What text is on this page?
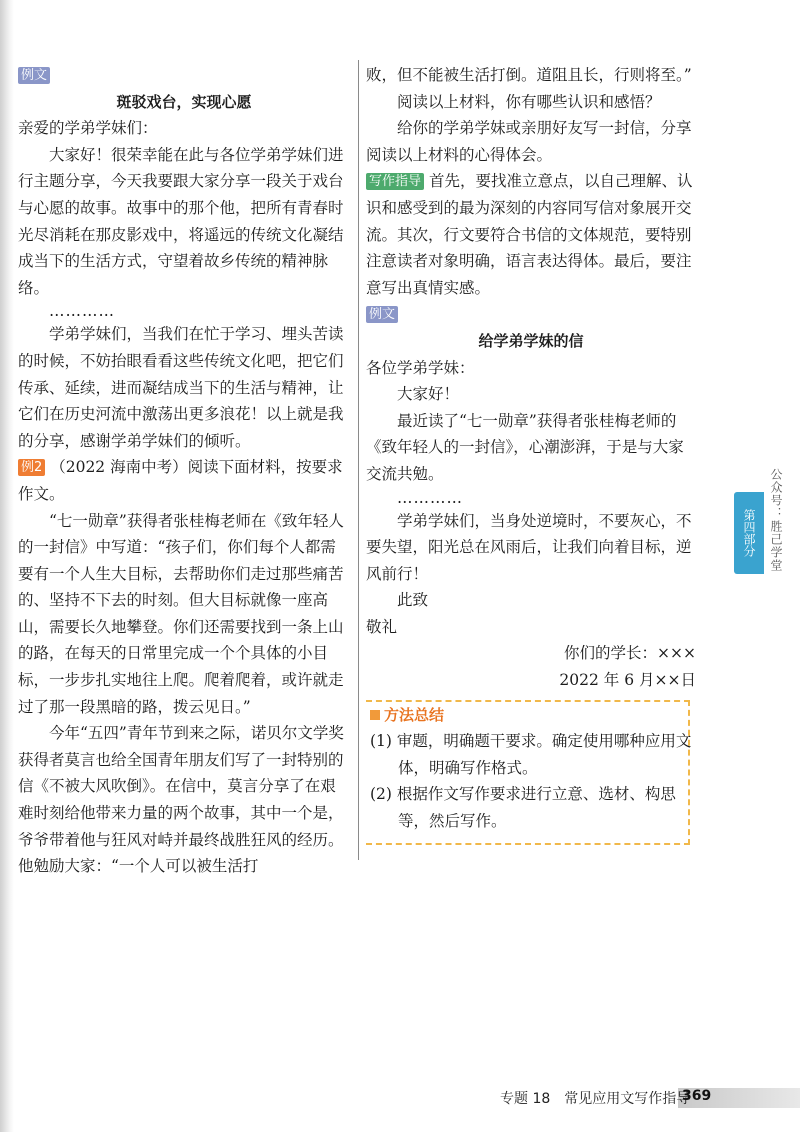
例文

斑驳戏台，实现心愿

亲爱的学弟学妹们：

大家好！很荣幸能在此与各位学弟学妹们进行主题分享，今天我要跟大家分享一段关于戏台与心愿的故事。故事中的那个他，把所有青春时光尽消耗在那皮影戏中，将遥远的传统文化凝结成当下的生活方式，守望着故乡传统的精神脉络。

…………

学弟学妹们，当我们在忙于学习、埋头苦读的时候，不妨抬眼看看这些传统文化吧，把它们传承、延续，进而凝结成当下的生活与精神，让它们在历史河流中激荡出更多浪花！以上就是我的分享，感谢学弟学妹们的倾听。

例2 （2022 海南中考）阅读下面材料，按要求作文。

“七一勋章”获得者张桂梅老师在《致年轻人的一封信》中写道：“孩子们，你们每个人都需要有一个人生大目标，去帮助你们走过那些痛苦的、坚持不下去的时刻。但大目标就像一座高山，需要长久地攀登。你们还需要找到一条上山的路，在每天的日常里完成一个个具体的小目标，一步步扎实地往上爬。爬着爬着，或许就走过了那一段黑暗的路，拨云见日。”

今年“五四”青年节到来之际，诺贝尔文学奖获得者莫言也给全国青年朋友们写了一封特别的信《不被大风吹倒》。在信中，莫言分享了在艰难时刻给他带来力量的两个故事，其中一个是，爷爷带着他与狂风对峙并最终战胜狂风的经历。他勉励大家：“一个人可以被生活打

败，但不能被生活打倒。道阻且长，行则将至。”

阅读以上材料，你有哪些认识和感悟？

给你的学弟学妹或亲朋好友写一封信，分享阅读以上材料的心得体会。

写作指导 首先，要找准立意点，以自己理解、认识和感受到的最为深刻的内容同写信对象展开交流。其次，行文要符合书信的文体规范，要特别注意读者对象明确，语言表达得体。最后，要注意写出真情实感。

例文

给学弟学妹的信

各位学弟学妹：

大家好！

最近读了“七一勋章”获得者张桂梅老师的《致年轻人的一封信》，心潮澎湃，于是与大家交流共勉。

…………

学弟学妹们，当身处逆境时，不要灰心，不要失望，阳光总在风雨后，让我们向着目标，逆风前行！

此致

敬礼

你们的学长：×××

2022 年 6 月××日

方法总结

(1) 审题，明确题干要求。确定使用哪种应用文体，明确写作格式。

(2) 根据作文写作要求进行立意、选材、构思等，然后写作。

公众号：胜己学堂
第四部分
专题 18　常见应用文写作指导
369
